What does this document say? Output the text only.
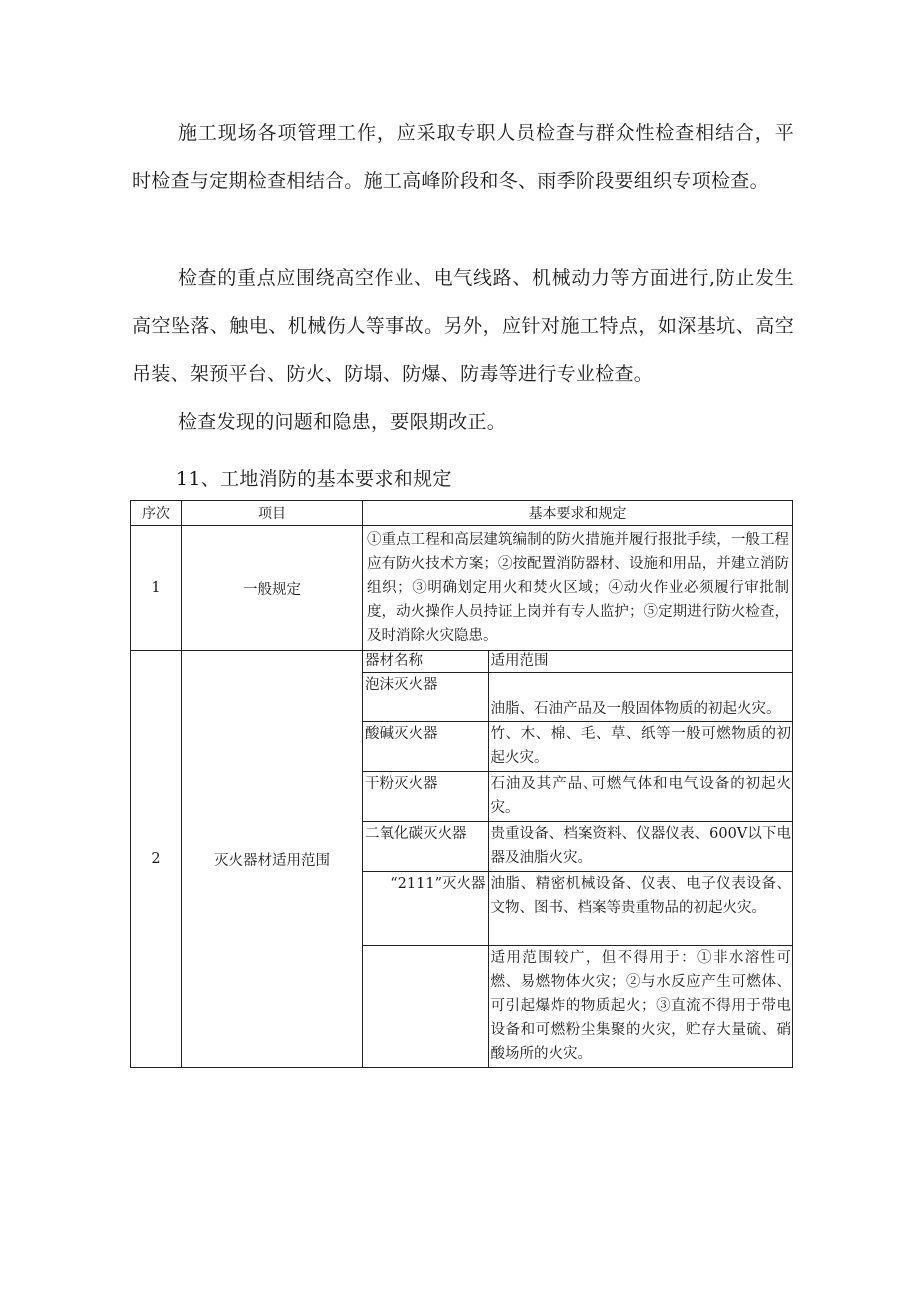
施工现场各项管理工作，应采取专职人员检查与群众性检查相结合，平时检查与定期检查相结合。施工高峰阶段和冬、雨季阶段要组织专项检查。

检查的重点应围绕高空作业、电气线路、机械动力等方面进行,防止发生高空坠落、触电、机械伤人等事故。另外，应针对施工特点，如深基坑、高空吊装、架预平台、防火、防塌、防爆、防毒等进行专业检查。

检查发现的问题和隐患，要限期改正。

11、工地消防的基本要求和规定

序次	项目	基本要求和规定
1	一般规定	①重点工程和高层建筑编制的防火措施并履行报批手续，一般工程应有防火技术方案；②按配置消防器材、设施和用品，并建立消防组织；③明确划定用火和焚火区域；④动火作业必须履行审批制度，动火操作人员持证上岗并有专人监护；⑤定期进行防火检查，及时消除火灾隐患。
2	灭火器材适用范围	
器材名称	适用范围
泡沫灭火器	油脂、石油产品及一般固体物质的初起火灾。
酸碱灭火器	竹、木、棉、毛、草、纸等一般可燃物质的初起火灾。
干粉灭火器	石油及其产品､可燃气体和电气设备的初起火灾。
二氧化碳灭火器	贵重设备、档案资料、仪器仪表、600V以下电器及油脂火灾。
“2111”灭火器	油脂、精密机械设备、仪表、电子仪表设备、文物、图书、档案等贵重物品的初起火灾。
	适用范围较广，但不得用于：①非水溶性可燃、易燃物体火灾；②与水反应产生可燃体、可引起爆炸的物质起火；③直流不得用于带电设备和可燃粉尘集聚的火灾，贮存大量硫、硝酸场所的火灾。
